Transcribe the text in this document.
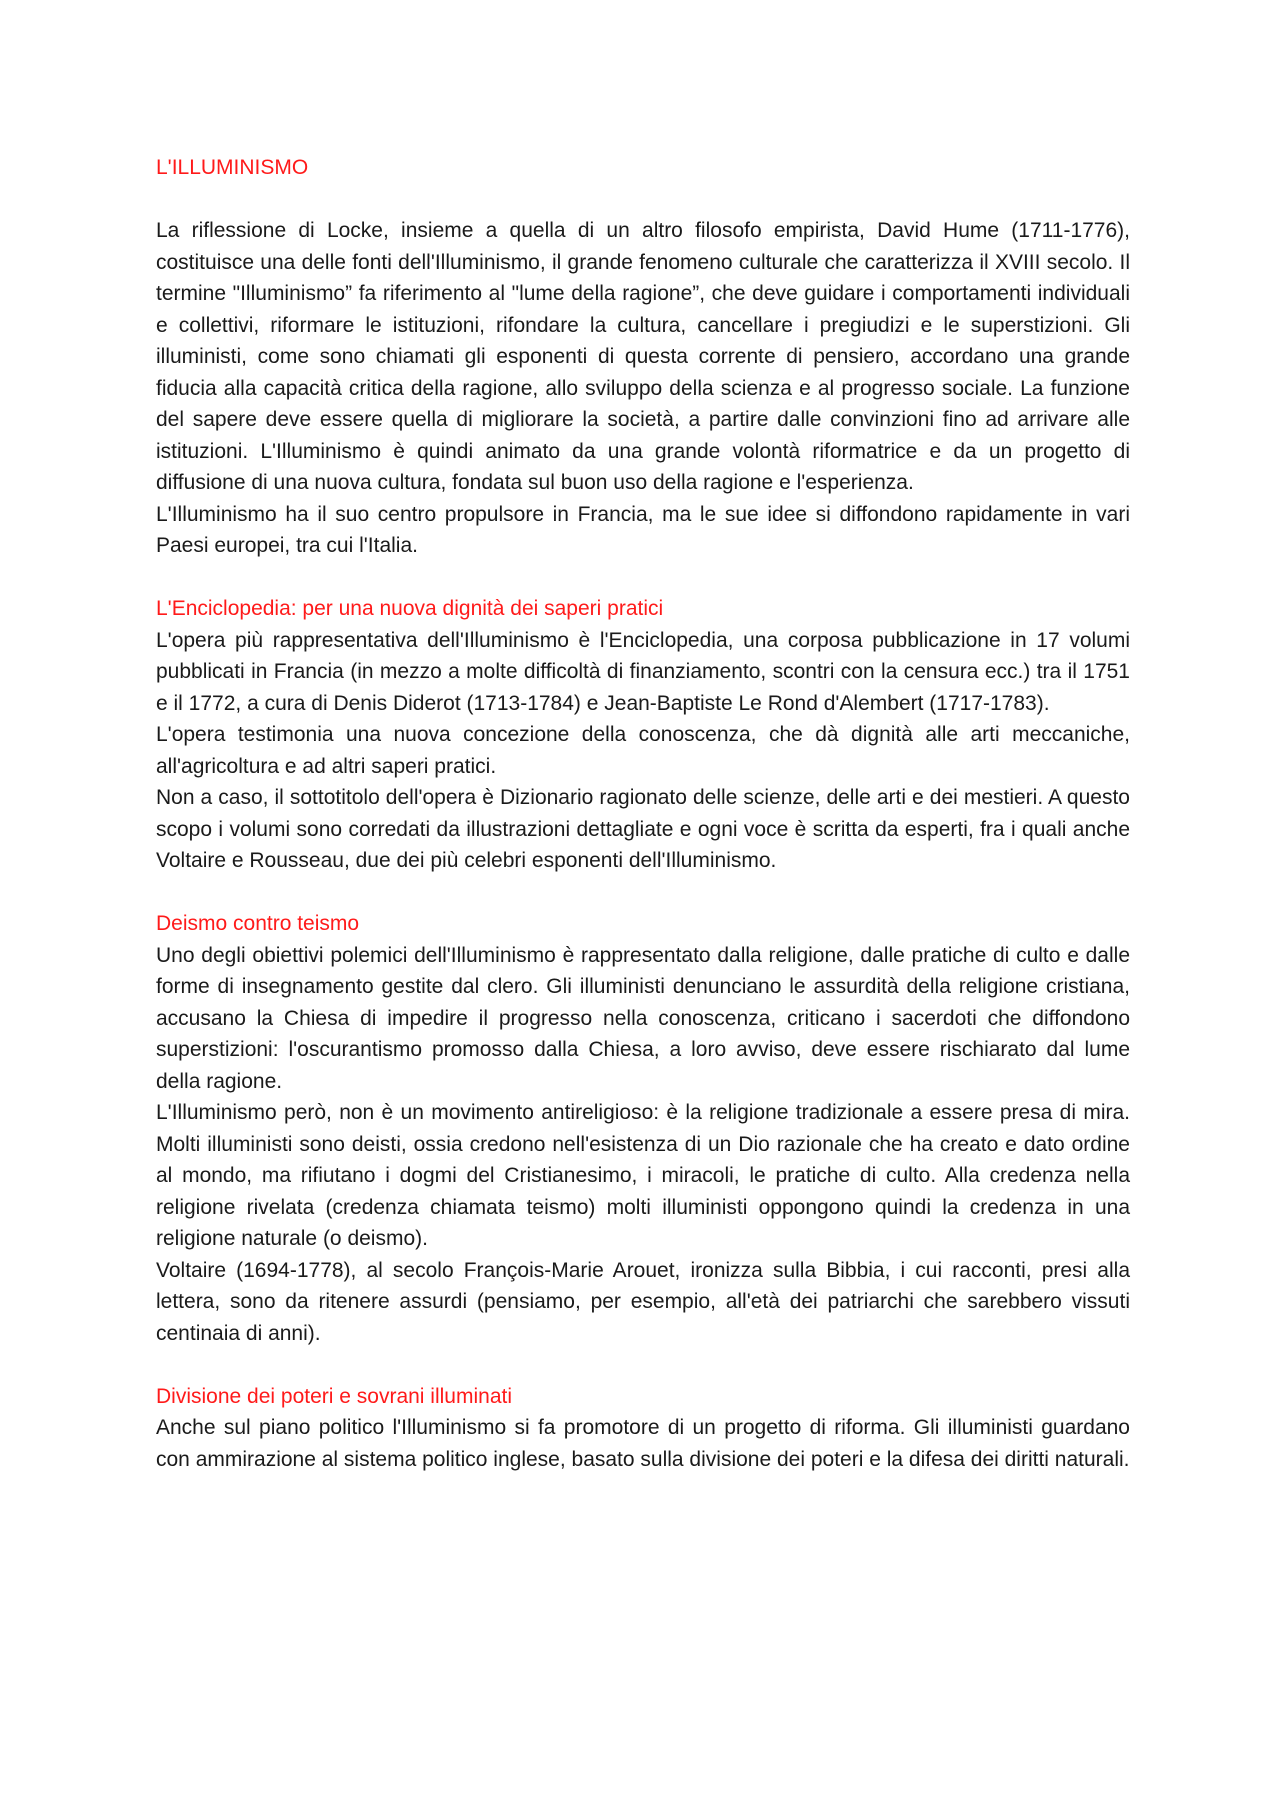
L'ILLUMINISMO

La riflessione di Locke, insieme a quella di un altro filosofo empirista, David Hume (1711-1776), costituisce una delle fonti dell'Illuminismo, il grande fenomeno culturale che caratterizza il XVIII secolo. Il termine "Illuminismo” fa riferimento al "lume della ragione”, che deve guidare i comportamenti individuali e collettivi, riformare le istituzioni, rifondare la cultura, cancellare i pregiudizi e le superstizioni. Gli illuministi, come sono chiamati gli esponenti di questa corrente di pensiero, accordano una grande fiducia alla capacità critica della ragione, allo sviluppo della scienza e al progresso sociale. La funzione del sapere deve essere quella di migliorare la società, a partire dalle convinzioni fino ad arrivare alle istituzioni. L'Illuminismo è quindi animato da una grande volontà riformatrice e da un progetto di diffusione di una nuova cultura, fondata sul buon uso della ragione e l'esperienza.

L'Illuminismo ha il suo centro propulsore in Francia, ma le sue idee si diffondono rapidamente in vari Paesi europei, tra cui l'Italia.

L'Enciclopedia: per una nuova dignità dei saperi pratici

L'opera più rappresentativa dell'Illuminismo è l'Enciclopedia, una corposa pubblicazione in 17 volumi pubblicati in Francia (in mezzo a molte difficoltà di finanziamento, scontri con la censura ecc.) tra il 1751 e il 1772, a cura di Denis Diderot (1713-1784) e Jean-Baptiste Le Rond d'Alembert (1717-1783).

L'opera testimonia una nuova concezione della conoscenza, che dà dignità alle arti meccaniche, all'agricoltura e ad altri saperi pratici.

Non a caso, il sottotitolo dell'opera è Dizionario ragionato delle scienze, delle arti e dei mestieri. A questo scopo i volumi sono corredati da illustrazioni dettagliate e ogni voce è scritta da esperti, fra i quali anche Voltaire e Rousseau, due dei più celebri esponenti dell'Illuminismo.

Deismo contro teismo

Uno degli obiettivi polemici dell'Illuminismo è rappresentato dalla religione, dalle pratiche di culto e dalle forme di insegnamento gestite dal clero. Gli illuministi denunciano le assurdità della religione cristiana, accusano la Chiesa di impedire il progresso nella conoscenza, criticano i sacerdoti che diffondono superstizioni: l'oscurantismo promosso dalla Chiesa, a loro avviso, deve essere rischiarato dal lume della ragione.

L'Illuminismo però, non è un movimento antireligioso: è la religione tradizionale a essere presa di mira. Molti illuministi sono deisti, ossia credono nell'esistenza di un Dio razionale che ha creato e dato ordine al mondo, ma rifiutano i dogmi del Cristianesimo, i miracoli, le pratiche di culto. Alla credenza nella religione rivelata (credenza chiamata teismo) molti illuministi oppongono quindi la credenza in una religione naturale (o deismo).

Voltaire (1694-1778), al secolo François-Marie Arouet, ironizza sulla Bibbia, i cui racconti, presi alla lettera, sono da ritenere assurdi (pensiamo, per esempio, all'età dei patriarchi che sarebbero vissuti centinaia di anni).

Divisione dei poteri e sovrani illuminati

Anche sul piano politico l'Illuminismo si fa promotore di un progetto di riforma. Gli illuministi guardano con ammirazione al sistema politico inglese, basato sulla divisione dei poteri e la difesa dei diritti naturali.
